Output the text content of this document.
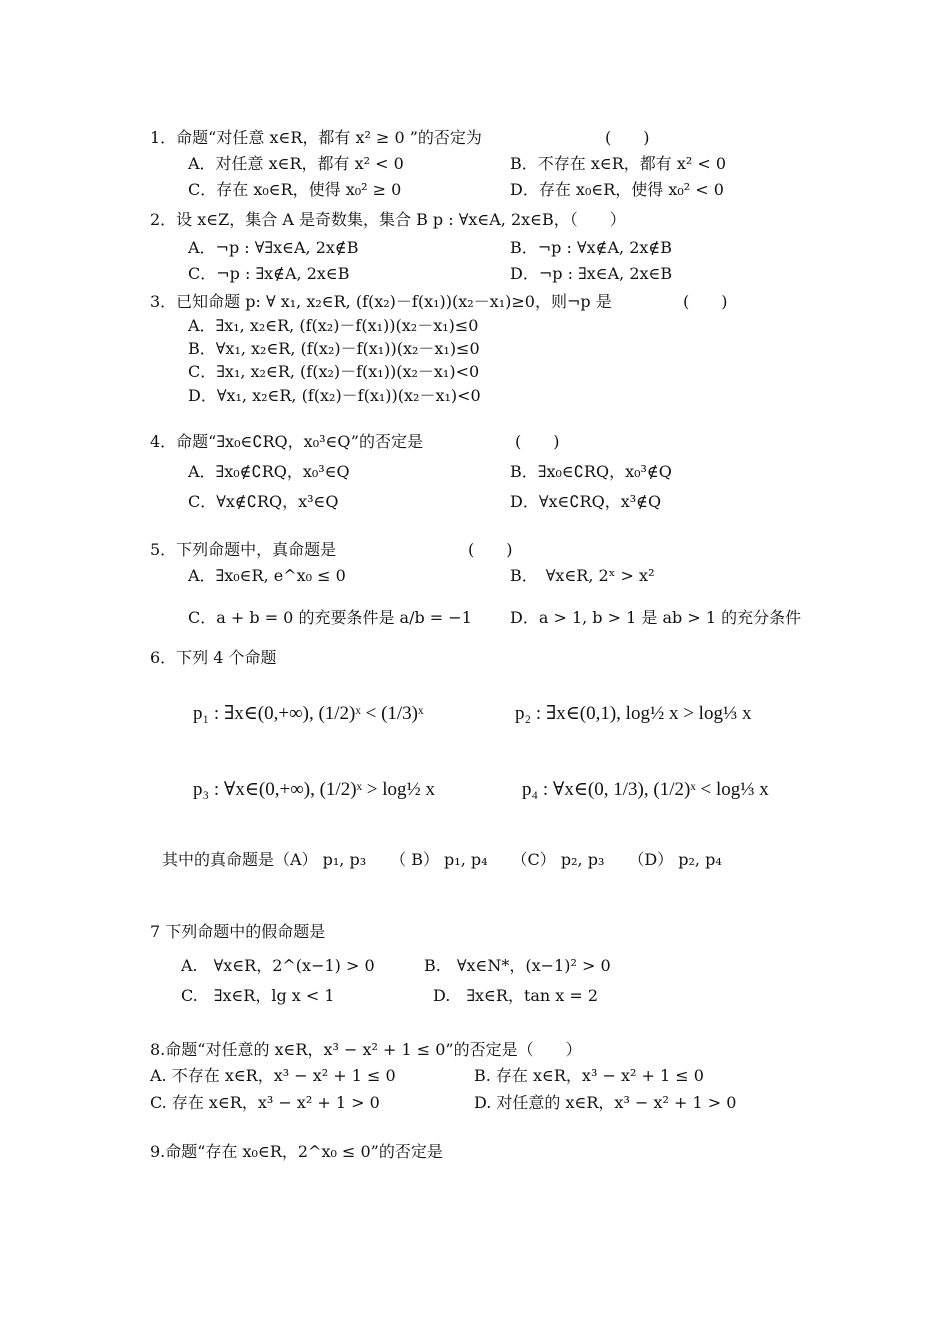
1．命题“对任意 x∈R，都有 x² ≥ 0 ”的否定为	(　　)
A．对任意 x∈R，都有 x² < 0	B．不存在 x∈R，都有 x² < 0
C．存在 x₀∈R，使得 x₀² ≥ 0	D．存在 x₀∈R，使得 x₀² < 0
2．设 x∈Z，集合 A 是奇数集，集合 B p : ∀x∈A, 2x∈B，（　　）
A．¬p : ∀∃x∈A, 2x∉B	B．¬p : ∀x∉A, 2x∉B
C．¬p : ∃x∉A, 2x∈B	D．¬p : ∃x∈A, 2x∈B
3．已知命题 p: ∀ x₁, x₂∈R, (f(x₂)－f(x₁))(x₂－x₁)≥0，则¬p 是	(　　)
A．∃x₁, x₂∈R, (f(x₂)－f(x₁))(x₂－x₁)≤0
B．∀x₁, x₂∈R, (f(x₂)－f(x₁))(x₂－x₁)≤0
C．∃x₁, x₂∈R, (f(x₂)－f(x₁))(x₂－x₁)<0
D．∀x₁, x₂∈R, (f(x₂)－f(x₁))(x₂－x₁)<0
4．命题“∃x₀∈∁RQ，x₀³∈Q”的否定是	(　　)
A．∃x₀∉∁RQ，x₀³∈Q	B．∃x₀∈∁RQ，x₀³∉Q
C．∀x∉∁RQ，x³∈Q	D．∀x∈∁RQ，x³∉Q
5．下列命题中，真命题是	(　　)
A．∃x₀∈R, e^x₀ ≤ 0	B．　∀x∈R, 2ˣ > x²
C．a + b = 0 的充要条件是 a/b = −1 D．a > 1, b > 1 是 ab > 1 的充分条件
6．下列 4 个命题
p₁ : ∃x∈(0,+∞), (1/2)ˣ < (1/3)ˣ	p₂ : ∃x∈(0,1), log½ x > log⅓ x
p₃ : ∀x∈(0,+∞), (1/2)ˣ > log½ x	p₄ : ∀x∈(0, 1/3), (1/2)ˣ < log⅓ x
其中的真命题是（A） p₁, p₃　　（ B） p₁, p₄　　（C） p₂, p₃　　（D） p₂, p₄
7 下列命题中的假命题是
A.　∀x∈R，2^(x−1) > 0	B.　∀x∈N*，(x−1)² > 0
C.　∃x∈R，lg x < 1	D.　∃x∈R，tan x = 2
8.命题“对任意的 x∈R，x³ − x² + 1 ≤ 0”的否定是（　　）
A. 不存在 x∈R，x³ − x² + 1 ≤ 0	B. 存在 x∈R，x³ − x² + 1 ≤ 0
C. 存在 x∈R，x³ − x² + 1 > 0	D. 对任意的 x∈R，x³ − x² + 1 > 0
9.命题“存在 x₀∈R，2^x₀ ≤ 0”的否定是
